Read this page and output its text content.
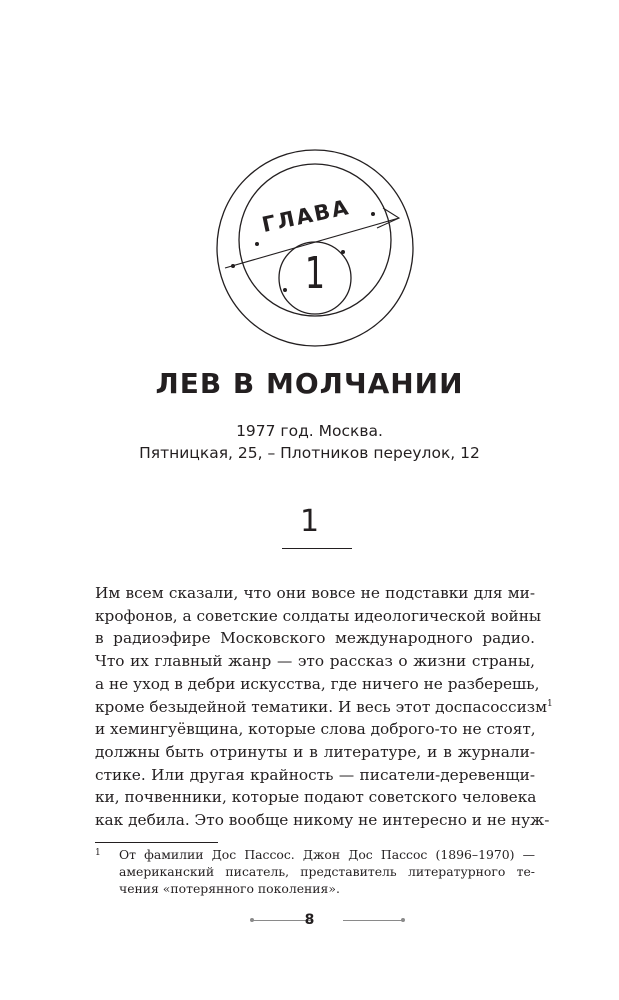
ГЛАВА
1
ЛЕВ В МОЛЧАНИИ
1977 год. Москва.
Пятницкая, 25, – Плотников переулок, 12
1
Им всем сказали, что они вовсе не подставки для ми-
крофонов, а советские солдаты идеологической войны
в радиоэфире Московского международного радио.
Что их главный жанр — это рассказ о жизни страны,
а не уход в дебри искусства, где ничего не разберешь,
кроме безыдейной тематики. И весь этот доспасоссизм$^1$
и хемингуёвщина, которые слова доброго-то не стоят,
должны быть отринуты и в литературе, и в журнали-
стике. Или другая крайность — писатели-деревенщи-
ки, почвенники, которые подают советского человека
как дебила. Это вообще никому не интересно и не нуж-
1 От фамилии Дос Пассос. Джон Дос Пассос (1896–1970) —
американский писатель, представитель литературного те-
чения «потерянного поколения».
8
